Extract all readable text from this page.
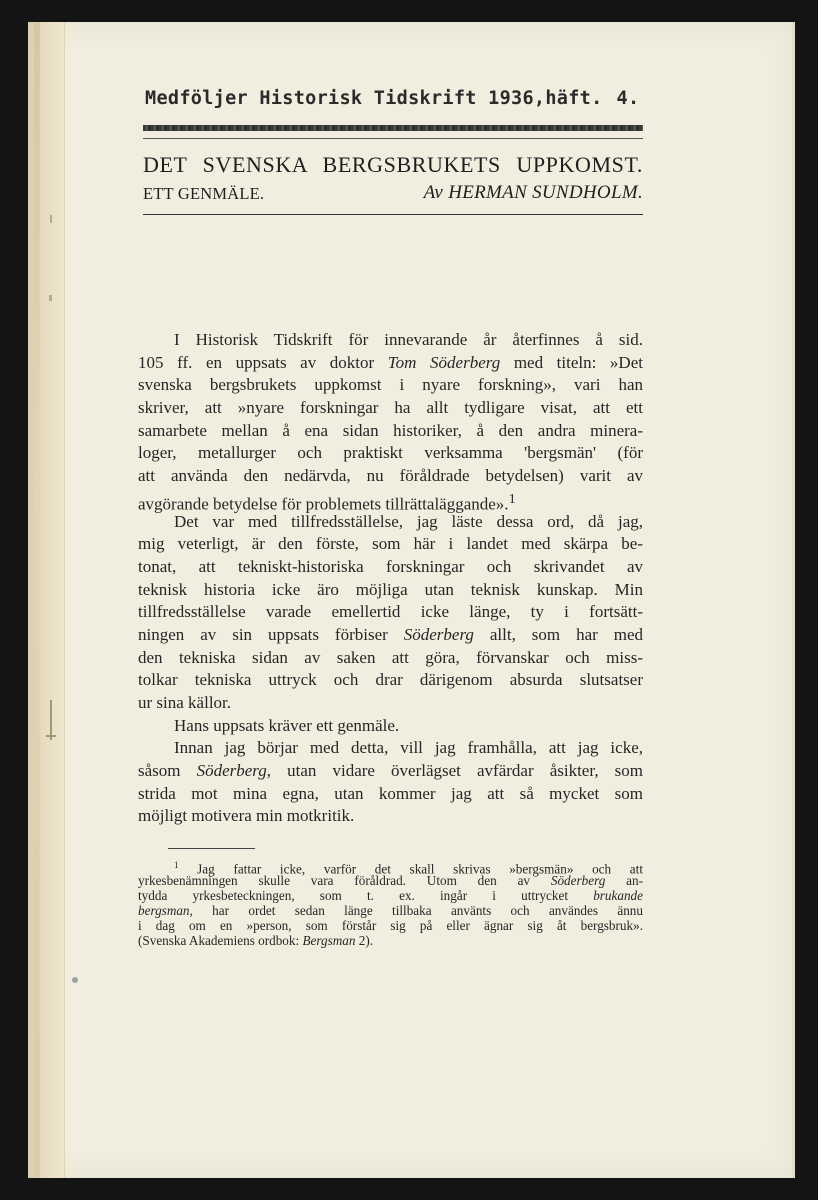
Medföljer Historisk Tidskrift 1936,häft. 4.
DET SVENSKA BERGSBRUKETS UPPKOMST.
ETT GENMÄLE.	Av HERMAN SUNDHOLM.
I Historisk Tidskrift för innevarande år återfinnes å sid.
105 ff. en uppsats av doktor Tom Söderberg med titeln: »Det
svenska bergsbrukets uppkomst i nyare forskning», vari han
skriver, att »nyare forskningar ha allt tydligare visat, att ett
samarbete mellan å ena sidan historiker, å den andra minera-
loger, metallurger och praktiskt verksamma 'bergsmän' (för
att använda den nedärvda, nu föråldrade betydelsen) varit av
avgörande betydelse för problemets tillrättaläggande».$^1$
Det var med tillfredsställelse, jag läste dessa ord, då jag,
mig veterligt, är den förste, som här i landet med skärpa be-
tonat, att tekniskt-historiska forskningar och skrivandet av
teknisk historia icke äro möjliga utan teknisk kunskap. Min
tillfredsställelse varade emellertid icke länge, ty i fortsätt-
ningen av sin uppsats förbiser Söderberg allt, som har med
den tekniska sidan av saken att göra, förvanskar och miss-
tolkar tekniska uttryck och drar därigenom absurda slutsatser
ur sina källor.
Hans uppsats kräver ett genmäle.
Innan jag börjar med detta, vill jag framhålla, att jag icke,
såsom Söderberg, utan vidare överlägset avfärdar åsikter, som
strida mot mina egna, utan kommer jag att så mycket som
möjligt motivera min motkritik.
$^1$ Jag fattar icke, varför det skall skrivas »bergsmän» och att
yrkesbenämningen skulle vara föråldrad. Utom den av Söderberg an-
tydda yrkesbeteckningen, som t. ex. ingår i uttrycket brukande
bergsman, har ordet sedan länge tillbaka använts och användes ännu
i dag om en »person, som förstår sig på eller ägnar sig åt bergsbruk».
(Svenska Akademiens ordbok: Bergsman 2).
